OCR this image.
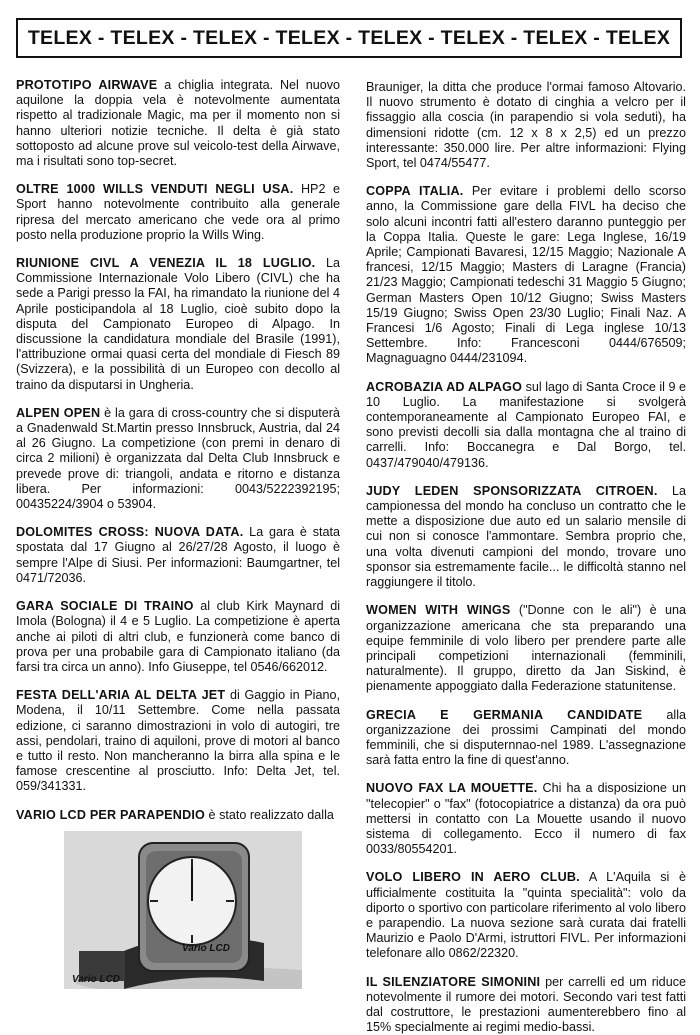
TELEX - TELEX - TELEX - TELEX - TELEX - TELEX - TELEX - TELEX

PROTOTIPO AIRWAVE a chiglia integrata. Nel nuovo aquilone la doppia vela è notevolmente aumentata rispetto al tradizionale Magic, ma per il momento non si hanno ulteriori notizie tecniche. Il delta è già stato sottoposto ad alcune prove sul veicolo-test della Airwave, ma i risultati sono top-secret.

OLTRE 1000 WILLS VENDUTI NEGLI USA. HP2 e Sport hanno notevolmente contribuito alla generale ripresa del mercato americano che vede ora al primo posto nella produzione proprio la Wills Wing.

RIUNIONE CIVL A VENEZIA IL 18 LUGLIO. La Commissione Internazionale Volo Libero (CIVL) che ha sede a Parigi presso la FAI, ha rimandato la riunione del 4 Aprile posticipandola al 18 Luglio, cioè subito dopo la disputa del Campionato Europeo di Alpago. In discussione la candidatura mondiale del Brasile (1991), l'attribuzione ormai quasi certa del mondiale di Fiesch 89 (Svizzera), e la possibilità di un Europeo con decollo al traino da disputarsi in Ungheria.

ALPEN OPEN è la gara di cross-country che si disputerà a Gnadenwald St.Martin presso Innsbruck, Austria, dal 24 al 26 Giugno. La competizione (con premi in denaro di circa 2 milioni) è organizzata dal Delta Club Innsbruck e prevede prove di: triangoli, andata e ritorno e distanza libera. Per informazioni: 0043/5222392195; 00435224/3904 o 53904.

DOLOMITES CROSS: NUOVA DATA. La gara è stata spostata dal 17 Giugno al 26/27/28 Agosto, il luogo è sempre l'Alpe di Siusi. Per informazioni: Baumgartner, tel 0471/72036.

GARA SOCIALE DI TRAINO al club Kirk Maynard di Imola (Bologna) il 4 e 5 Luglio. La competizione è aperta anche ai piloti di altri club, e funzionerà come banco di prova per una probabile gara di Campionato italiano (da farsi tra circa un anno). Info Giuseppe, tel 0546/662012.

FESTA DELL'ARIA AL DELTA JET di Gaggio in Piano, Modena, il 10/11 Settembre. Come nella passata edizione, ci saranno dimostrazioni in volo di autogiri, tre assi, pendolari, traino di aquiloni, prove di motori al banco e tutto il resto. Non mancheranno la birra alla spina e le famose crescentine al prosciutto. Info: Delta Jet, tel. 059/341331.

VARIO LCD PER PARAPENDIO è stato realizzato dalla

Vario LCD
Vario LCD

Brauniger, la ditta che produce l'ormai famoso Altovario. Il nuovo strumento è dotato di cinghia a velcro per il fissaggio alla coscia (in parapendio si vola seduti), ha dimensioni ridotte (cm. 12 x 8 x 2,5) ed un prezzo interessante: 350.000 lire. Per altre informazioni: Flying Sport, tel 0474/55477.

COPPA ITALIA. Per evitare i problemi dello scorso anno, la Commissione gare della FIVL ha deciso che solo alcuni incontri fatti all'estero daranno punteggio per la Coppa Italia. Queste le gare: Lega Inglese, 16/19 Aprile; Campionati Bavaresi, 12/15 Maggio; Nazionale A francesi, 12/15 Maggio; Masters di Laragne (Francia) 21/23 Maggio; Campionati tedeschi 31 Maggio 5 Giugno; German Masters Open 10/12 Giugno; Swiss Masters 15/19 Giugno; Swiss Open 23/30 Luglio; Finali Naz. A Francesi 1/6 Agosto; Finali di Lega inglese 10/13 Settembre. Info: Francesconi 0444/676509; Magnaguagno 0444/231094.

ACROBAZIA AD ALPAGO sul lago di Santa Croce il 9 e 10 Luglio. La manifestazione si svolgerà contemporaneamente al Campionato Europeo FAI, e sono previsti decolli sia dalla montagna che al traino di carrelli. Info: Boccanegra e Dal Borgo, tel. 0437/479040/479136.

JUDY LEDEN SPONSORIZZATA CITROEN. La campionessa del mondo ha concluso un contratto che le mette a disposizione due auto ed un salario mensile di cui non si conosce l'ammontare. Sembra proprio che, una volta divenuti campioni del mondo, trovare uno sponsor sia estremamente facile... le difficoltà stanno nel raggiungere il titolo.

WOMEN WITH WINGS ("Donne con le ali") è una organizzazione americana che sta preparando una equipe femminile di volo libero per prendere parte alle principali competizioni internazionali (femminili, naturalmente). Il gruppo, diretto da Jan Siskind, è pienamente appoggiato dalla Federazione statunitense.

GRECIA E GERMANIA CANDIDATE alla organizzazione dei prossimi Campinati del mondo femminili, che si disputernnao-nel 1989. L'assegnazione sarà fatta entro la fine di quest'anno.

NUOVO FAX LA MOUETTE. Chi ha a disposizione un "telecopier" o "fax" (fotocopiatrice a distanza) da ora può mettersi in contatto con La Mouette usando il nuovo sistema di collegamento. Ecco il numero di fax 0033/80554201.

VOLO LIBERO IN AERO CLUB. A L'Aquila si è ufficialmente costituita la "quinta specialità": volo da diporto o sportivo con particolare riferimento al volo libero e parapendio. La nuova sezione sarà curata dai fratelli Maurizio e Paolo D'Armi, istruttori FIVL. Per informazioni telefonare allo 0862/22320.

IL SILENZIATORE SIMONINI per carrelli ed um riduce notevolmente il rumore dei motori. Secondo vari test fatti dal costruttore, le prestazioni aumenterebbero fino al 15% specialmente ai regimi medio-bassi.
